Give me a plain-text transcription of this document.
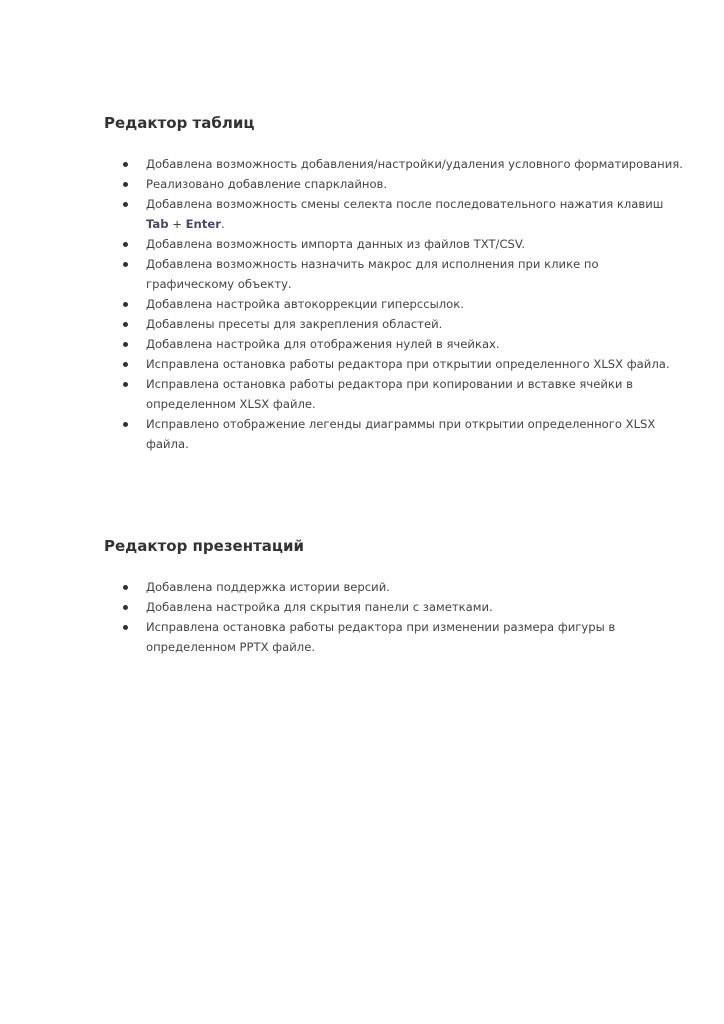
Редактор таблиц
Добавлена возможность добавления/настройки/удаления условного форматирования.
Реализовано добавление спарклайнов.
Добавлена возможность смены селекта после последовательного нажатия клавиш Tab + Enter.
Добавлена возможность импорта данных из файлов TXT/CSV.
Добавлена возможность назначить макрос для исполнения при клике по графическому объекту.
Добавлена настройка автокоррекции гиперссылок.
Добавлены пресеты для закрепления областей.
Добавлена настройка для отображения нулей в ячейках.
Исправлена остановка работы редактора при открытии определенного XLSX файла.
Исправлена остановка работы редактора при копировании и вставке ячейки в определенном XLSX файле.
Исправлено отображение легенды диаграммы при открытии определенного XLSX файла.
Редактор презентаций
Добавлена поддержка истории версий.
Добавлена настройка для скрытия панели с заметками.
Исправлена остановка работы редактора при изменении размера фигуры в определенном PPTX файле.
